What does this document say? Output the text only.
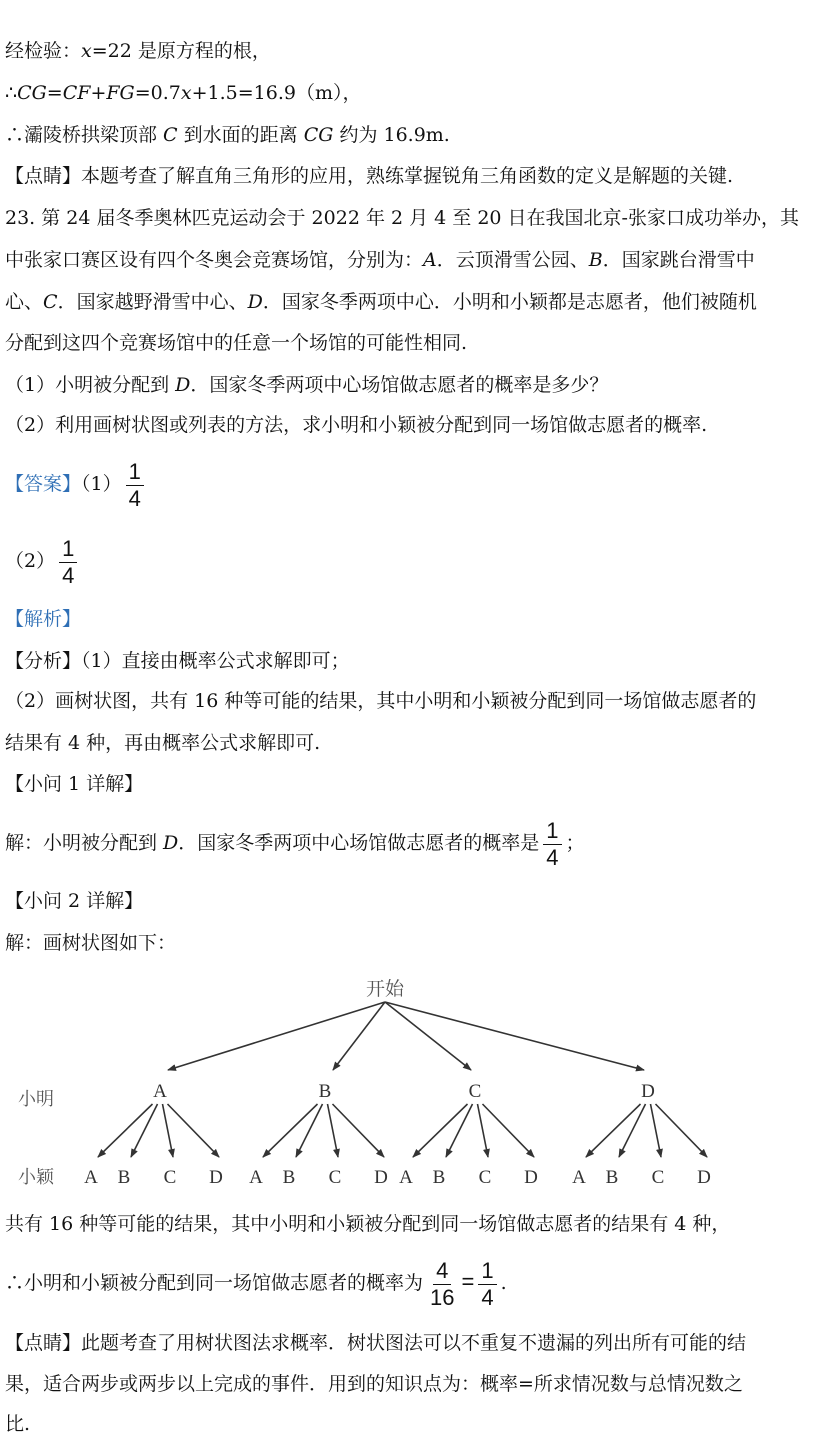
经检验：x=22 是原方程的根，
∴CG=CF+FG=0.7x+1.5=16.9（m），
∴灞陵桥拱梁顶部 C 到水面的距离 CG 约为 16.9m.
【点睛】本题考查了解直角三角形的应用，熟练掌握锐角三角函数的定义是解题的关键.
23. 第 24 届冬季奥林匹克运动会于 2022 年 2 月 4 至 20 日在我国北京-张家口成功举办，其
中张家口赛区设有四个冬奥会竞赛场馆，分别为：A．云顶滑雪公园、B．国家跳台滑雪中
心、C．国家越野滑雪中心、D．国家冬季两项中心．小明和小颖都是志愿者，他们被随机
分配到这四个竞赛场馆中的任意一个场馆的可能性相同.
（1）小明被分配到 D．国家冬季两项中心场馆做志愿者的概率是多少？
（2）利用画树状图或列表的方法，求小明和小颖被分配到同一场馆做志愿者的概率.
【答案】$(1) \frac{1}{4}$
$(2) \frac{1}{4}$
【解析】
【分析】（1）直接由概率公式求解即可；
（2）画树状图，共有 16 种等可能的结果，其中小明和小颖被分配到同一场馆做志愿者的
结果有 4 种，再由概率公式求解即可.
【小问 1 详解】
解：小明被分配到 D．国家冬季两项中心场馆做志愿者的概率是 $\frac{1}{4}$ ；
【小问 2 详解】
解：画树状图如下：
开始
小明
小颖
A
A B C D
B
A B C D
C
A B C D
D
A B C D
共有 16 种等可能的结果，其中小明和小颖被分配到同一场馆做志愿者的结果有 4 种，
∴小明和小颖被分配到同一场馆做志愿者的概率为 $\frac{4}{16} = \frac{1}{4}$ .
【点睛】此题考查了用树状图法求概率．树状图法可以不重复不遗漏的列出所有可能的结
果，适合两步或两步以上完成的事件．用到的知识点为：概率=所求情况数与总情况数之
比.
